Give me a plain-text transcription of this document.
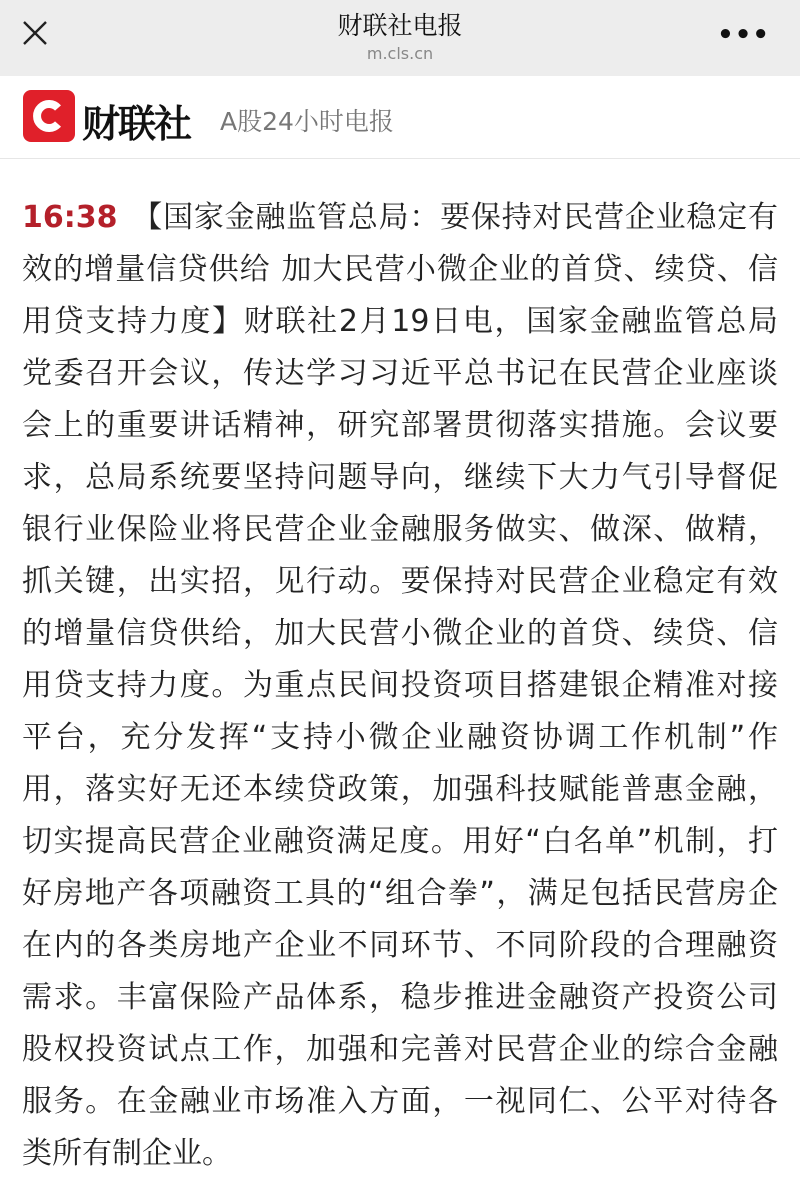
财联社电报
m.cls.cn
•••
财联社 A股24小时电报
16:38 【国家金融监管总局：要保持对民营企业稳定有
效的增量信贷供给 加大民营小微企业的首贷、续贷、信
用贷支持力度】财联社2月19日电，国家金融监管总局
党委召开会议，传达学习习近平总书记在民营企业座谈
会上的重要讲话精神，研究部署贯彻落实措施。会议要
求，总局系统要坚持问题导向，继续下大力气引导督促
银行业保险业将民营企业金融服务做实、做深、做精，
抓关键，出实招，见行动。要保持对民营企业稳定有效
的增量信贷供给，加大民营小微企业的首贷、续贷、信
用贷支持力度。为重点民间投资项目搭建银企精准对接
平台，充分发挥“支持小微企业融资协调工作机制”作
用，落实好无还本续贷政策，加强科技赋能普惠金融，
切实提高民营企业融资满足度。用好“白名单”机制，打
好房地产各项融资工具的“组合拳”，满足包括民营房企
在内的各类房地产企业不同环节、不同阶段的合理融资
需求。丰富保险产品体系，稳步推进金融资产投资公司
股权投资试点工作，加强和完善对民营企业的综合金融
服务。在金融业市场准入方面，一视同仁、公平对待各
类所有制企业。
